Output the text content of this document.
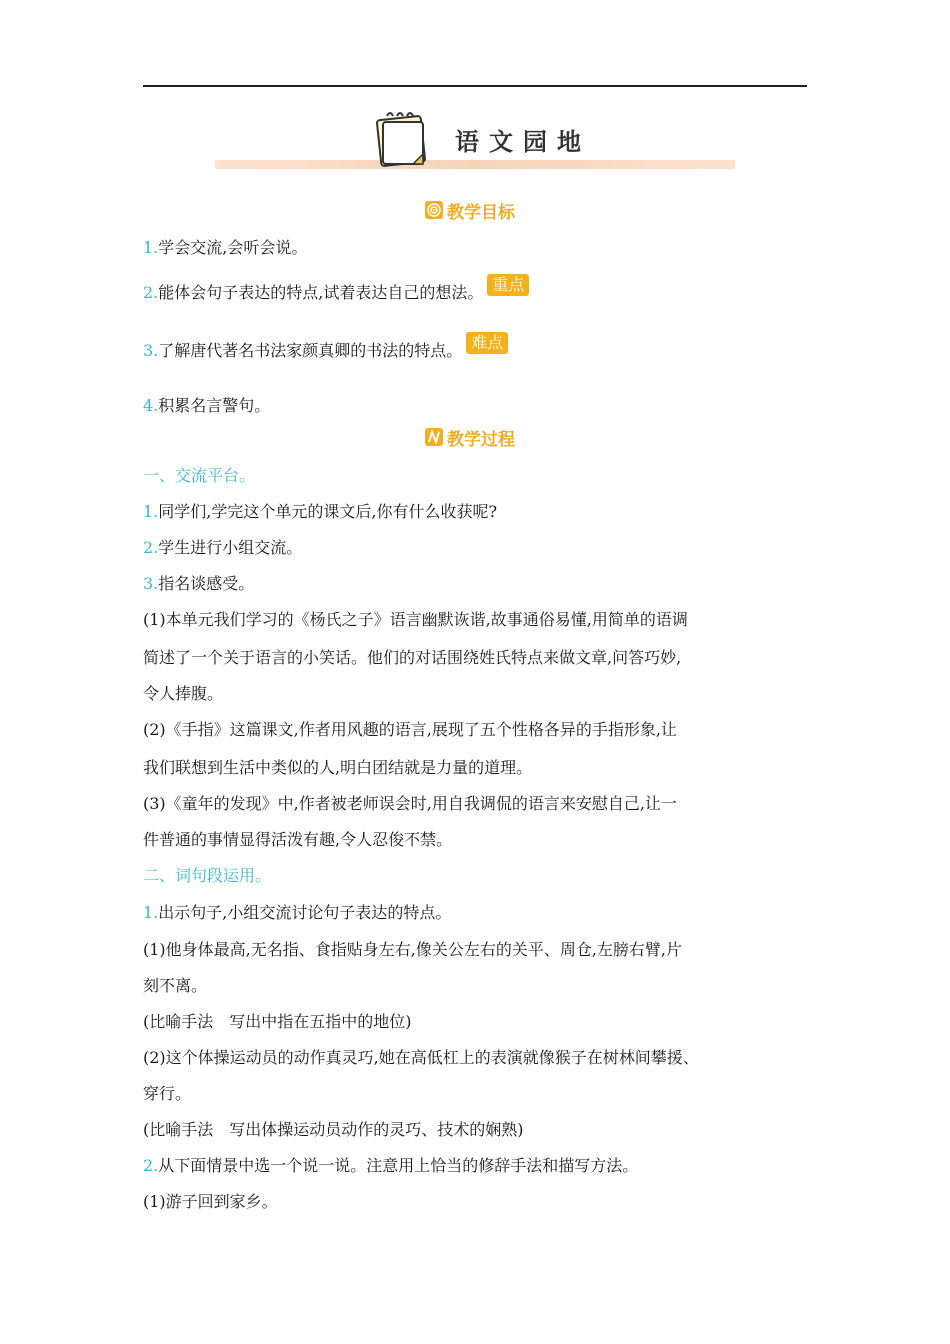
语文园地
教学目标
1.学会交流,会听会说。
2.能体会句子表达的特点,试着表达自己的想法。 重点
3.了解唐代著名书法家颜真卿的书法的特点。 难点
4.积累名言警句。
教学过程
一、交流平台。
1.同学们,学完这个单元的课文后,你有什么收获呢?
2.学生进行小组交流。
3.指名谈感受。
(1)本单元我们学习的《杨氏之子》语言幽默诙谐,故事通俗易懂,用简单的语调
简述了一个关于语言的小笑话。他们的对话围绕姓氏特点来做文章,问答巧妙,
令人捧腹。
(2)《手指》这篇课文,作者用风趣的语言,展现了五个性格各异的手指形象,让
我们联想到生活中类似的人,明白团结就是力量的道理。
(3)《童年的发现》中,作者被老师误会时,用自我调侃的语言来安慰自己,让一
件普通的事情显得活泼有趣,令人忍俊不禁。
二、词句段运用。
1.出示句子,小组交流讨论句子表达的特点。
(1)他身体最高,无名指、食指贴身左右,像关公左右的关平、周仓,左膀右臂,片
刻不离。
(比喻手法　写出中指在五指中的地位)
(2)这个体操运动员的动作真灵巧,她在高低杠上的表演就像猴子在树林间攀援、
穿行。
(比喻手法　写出体操运动员动作的灵巧、技术的娴熟)
2.从下面情景中选一个说一说。注意用上恰当的修辞手法和描写方法。
(1)游子回到家乡。
